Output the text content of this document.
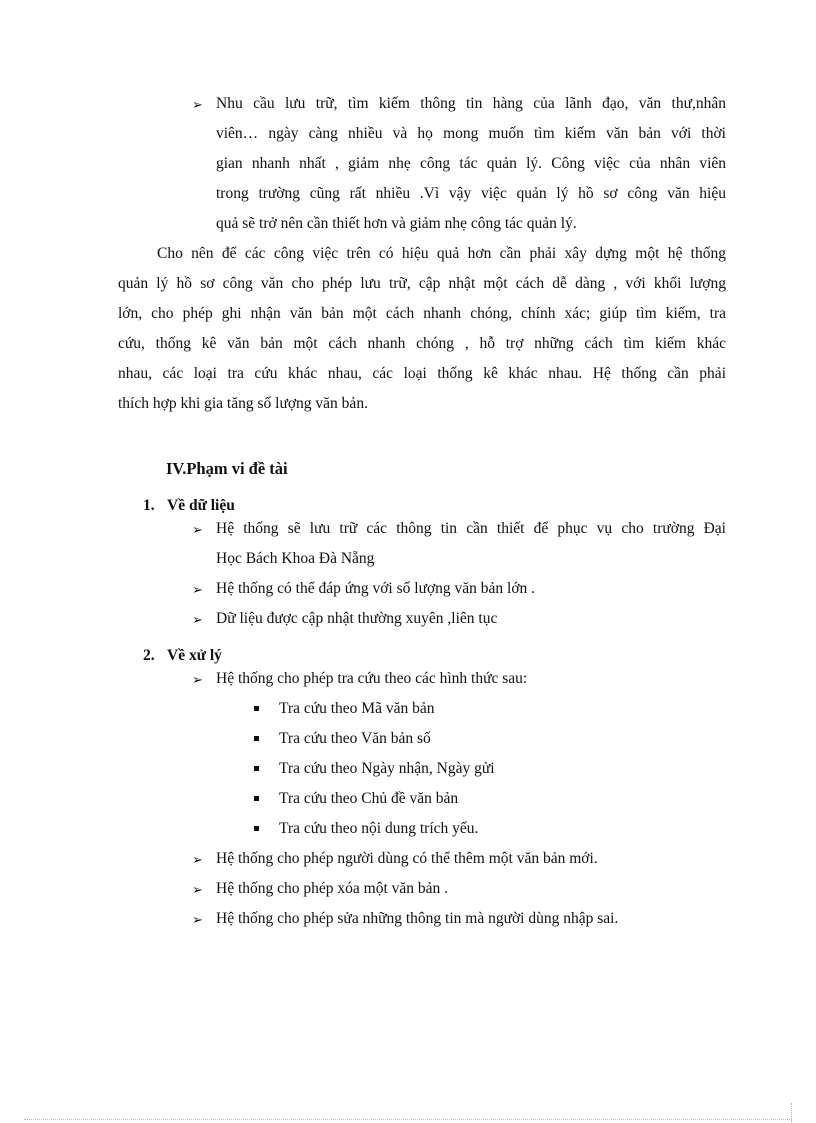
➢ Nhu cầu lưu trữ, tìm kiếm thông tin hàng của lãnh đạo, văn thư,nhân
viên… ngày càng nhiều và họ mong muốn tìm kiếm văn bản với thời
gian nhanh nhất , giảm nhẹ công tác quản lý. Công việc của nhân viên
trong trường cũng rất nhiều .Vì vậy việc quản lý hồ sơ công văn hiệu
quả sẽ trở nên cần thiết hơn và giảm nhẹ công tác quản lý.
Cho nên để các công việc trên có hiệu quả hơn cần phải xây dựng một hệ thống
quản lý hồ sơ công văn cho phép lưu trữ, cập nhật một cách dễ dàng , với khối lượng
lớn, cho phép ghi nhận văn bản một cách nhanh chóng, chính xác; giúp tìm kiếm, tra
cứu, thống kê văn bản một cách nhanh chóng , hỗ trợ những cách tìm kiếm khác
nhau, các loại tra cứu khác nhau, các loại thống kê khác nhau. Hệ thống cần phải
thích hợp khi gia tăng số lượng văn bản.
IV.Phạm vi đề tài
1. Về dữ liệu
➢ Hệ thống sẽ lưu trữ các thông tin cần thiết để phục vụ cho trường Đại
Học Bách Khoa Đà Nẵng
➢ Hệ thống có thể đáp ứng với số lượng văn bản lớn .
➢ Dữ liệu được cập nhật thường xuyên ,liên tục
2. Về xử lý
➢ Hệ thống cho phép tra cứu theo các hình thức sau:
Tra cứu theo Mã văn bản
Tra cứu theo Văn bản số
Tra cứu theo Ngày nhận, Ngày gửi
Tra cứu theo Chủ đề văn bản
Tra cứu theo nội dung trích yếu.
➢ Hệ thống cho phép người dùng có thể thêm một văn bản mới.
➢ Hệ thống cho phép xóa một văn bản .
➢ Hệ thống cho phép sửa những thông tin mà người dùng nhập sai.
